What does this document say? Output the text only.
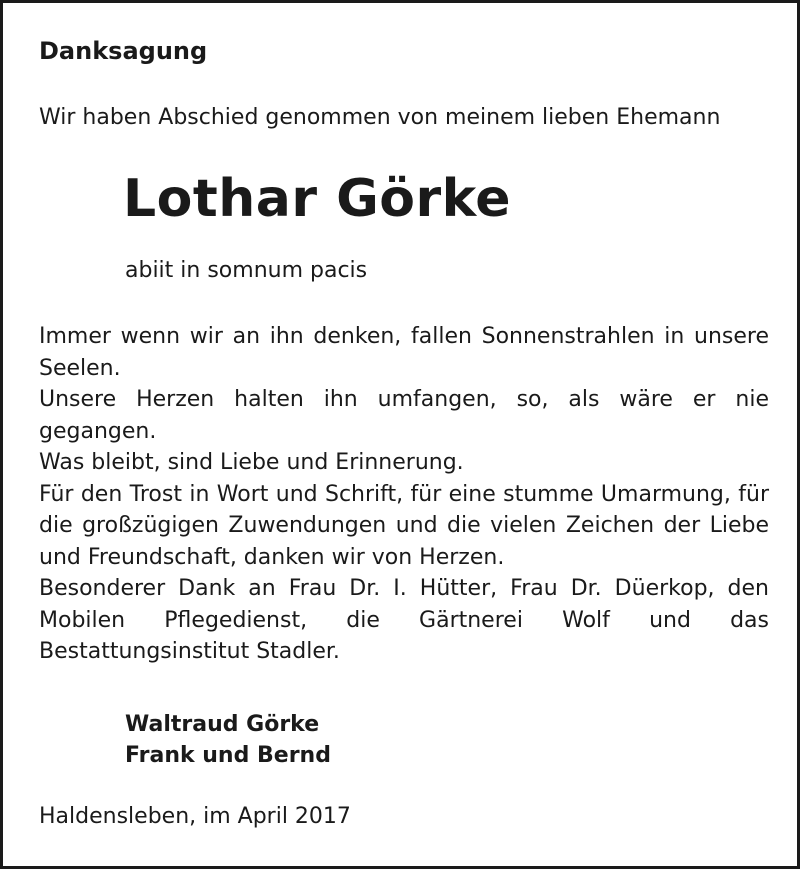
Danksagung
Wir haben Abschied genommen von meinem lieben Ehemann
Lothar Görke
abiit in somnum pacis

Immer wenn wir an ihn denken, fallen Sonnenstrahlen in unsere Seelen.

Unsere Herzen halten ihn umfangen, so, als wäre er nie gegangen.

Was bleibt, sind Liebe und Erinnerung.

Für den Trost in Wort und Schrift, für eine stumme Umarmung, für die großzügigen Zuwendungen und die vielen Zeichen der Liebe und Freundschaft, danken wir von Herzen.

Besonderer Dank an Frau Dr. I. Hütter, Frau Dr. Düerkop, den Mobilen Pflegedienst, die Gärtnerei Wolf und das Bestattungsinstitut Stadler.

Waltraud Görke
Frank und Bernd
Haldensleben, im April 2017
